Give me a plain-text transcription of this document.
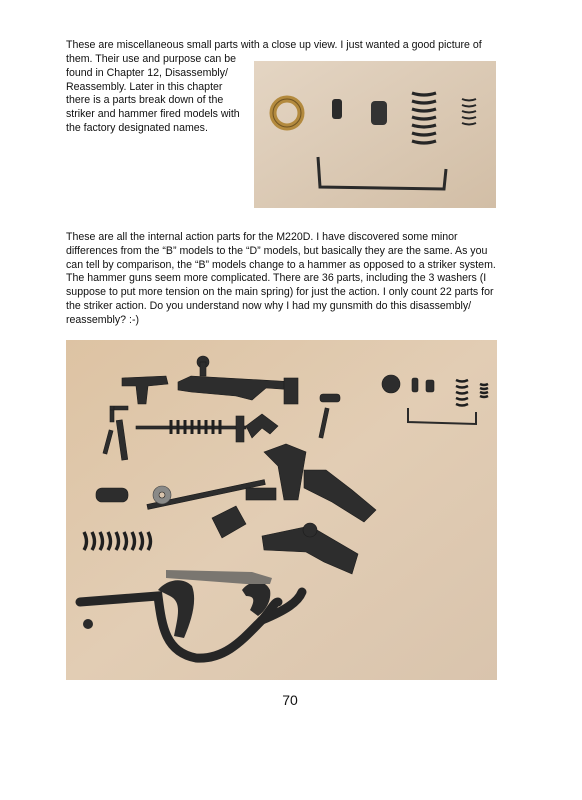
These are miscellaneous small parts with a close up view. I just wanted a good picture of

them. Their use and purpose can be
found in Chapter 12, Disassembly/
Reassembly. Later in this chapter
there is a parts break down of the
striker and hammer fired models with
the factory designated names.

These are all the internal action parts for the M220D. I have discovered some minor
differences from the “B” models to the “D” models, but basically they are the same. As you
can tell by comparison, the “B” models change to a hammer as opposed to a striker system.
The hammer guns seem more complicated. There are 36 parts, including the 3 washers (I
suppose to put more tension on the main spring) for just the action. I only count 22 parts for
the striker action. Do you understand now why I had my gunsmith do this disassembly/
reassembly? :-)

70
